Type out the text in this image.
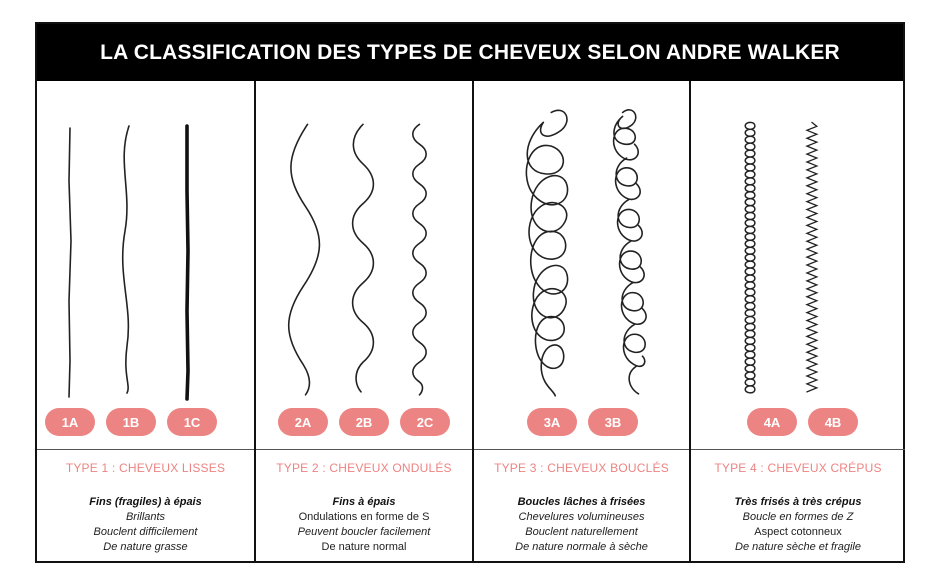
LA CLASSIFICATION DES TYPES DE CHEVEUX SELON ANDRE WALKER
1A	1B	1C
TYPE 1 : CHEVEUX LISSES
Fins (fragiles) à épais
Brillants
Bouclent difficilement
De nature grasse
2A	2B	2C
TYPE 2 : CHEVEUX ONDULÉS
Fins à épais
Ondulations en forme de S
Peuvent boucler facilement
De nature normal
3A	3B
TYPE 3 : CHEVEUX BOUCLÉS
Boucles lâches à frisées
Chevelures volumineuses
Bouclent naturellement
De nature normale à sèche
4A	4B
TYPE 4 : CHEVEUX CRÉPUS
Très frisés à très crépus
Boucle en formes de Z
Aspect cotonneux
De nature sèche et fragile
